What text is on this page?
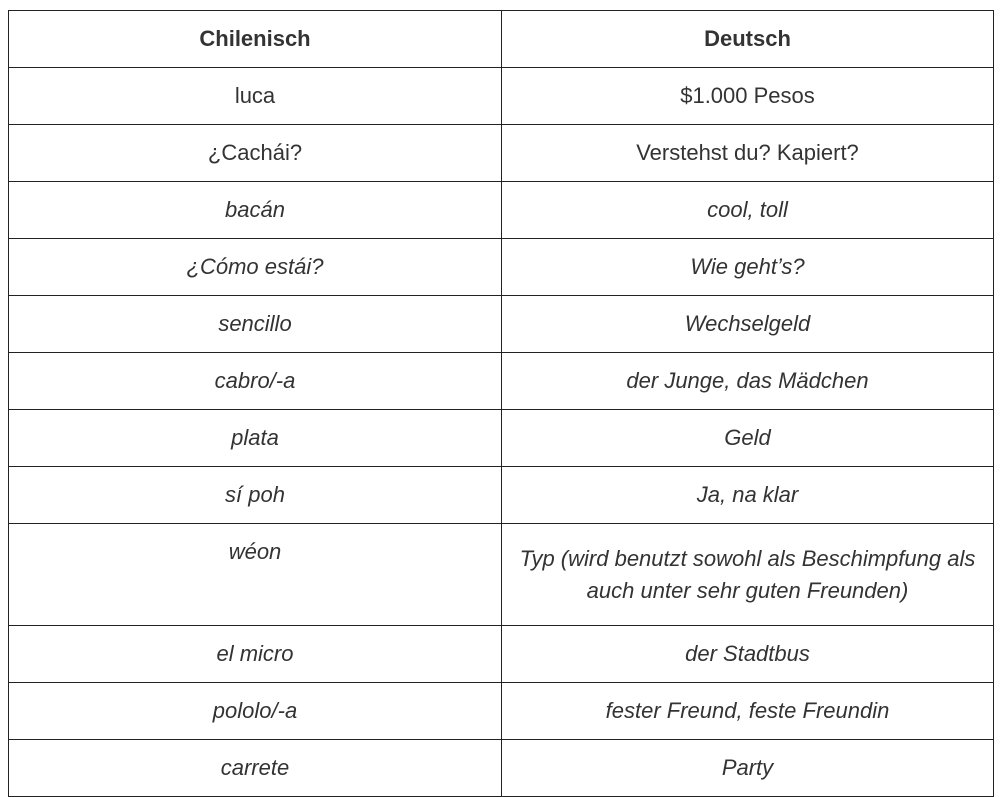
Chilenisch	Deutsch
luca	$1.000 Pesos
¿Cachái?	Verstehst du? Kapiert?
bacán	cool, toll
¿Cómo estái?	Wie geht’s?
sencillo	Wechselgeld
cabro/-a	der Junge, das Mädchen
plata	Geld
sí poh	Ja, na klar
wéon	Typ (wird benutzt sowohl als Beschimpfung als auch unter sehr guten Freunden)
el micro	der Stadtbus
pololo/-a	fester Freund, feste Freundin
carrete	Party
